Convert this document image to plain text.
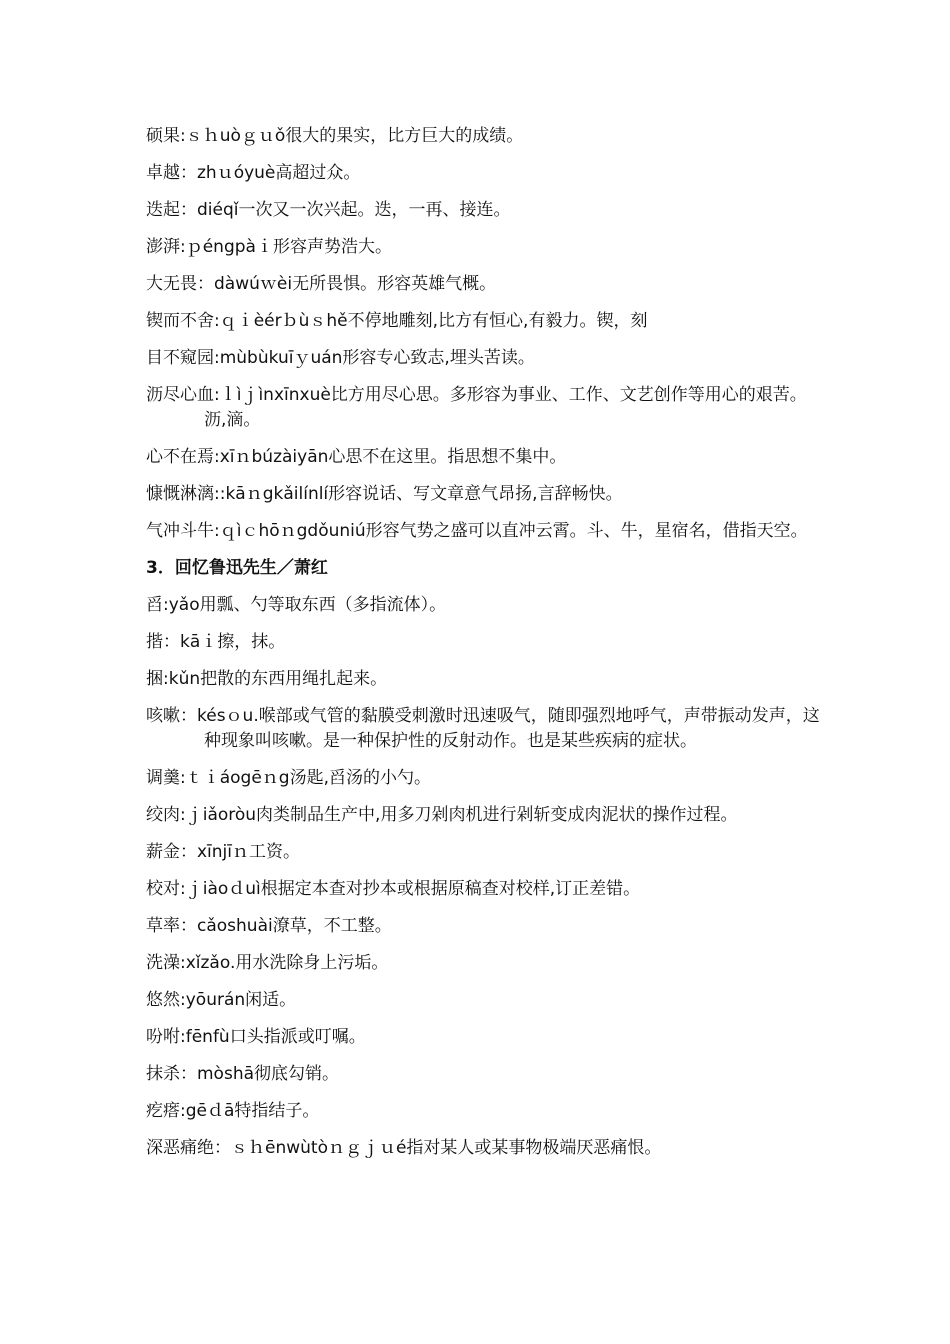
硕果:ｓｈuòｇｕǒ很大的果实，比方巨大的成绩。

卓越：zhｕóyuè高超过众。

迭起：diéqǐ一次又一次兴起。迭，一再、接连。

澎湃:ｐéngpàｉ形容声势浩大。

大无畏：dàwúｗèi无所畏惧。形容英雄气概。

锲而不舍:ｑｉèérｂùｓhě不停地雕刻,比方有恒心,有毅力。锲，刻

目不窥园:mùbùkuīｙuán形容专心致志,埋头苦读。

沥尽心血:ｌìｊìnxīnxuè比方用尽心思。多形容为事业、工作、文艺创作等用心的艰苦。沥,滴。

心不在焉:xīｎbúzàiyān心思不在这里。指思想不集中。

慷慨淋漓::kāｎgkǎilínlí形容说话、写文章意气昂扬,言辞畅快。

气冲斗牛:ｑìｃhōｎgdǒuniú形容气势之盛可以直冲云霄。斗、牛，星宿名，借指天空。

3．回忆鲁迅先生／萧红

舀:yǎo用瓢、勺等取东西（多指流体）。

揩：kāｉ擦，抹。

捆:kǔn把散的东西用绳扎起来。

咳嗽：késｏu.喉部或气管的黏膜受刺激时迅速吸气，随即强烈地呼气，声带振动发声，这种现象叫咳嗽。是一种保护性的反射动作。也是某些疾病的症状。

调羹:ｔｉáogēｎg汤匙,舀汤的小勺。

绞肉:ｊiǎoròu肉类制品生产中,用多刀剁肉机进行剁斩变成肉泥状的操作过程。

薪金：xīnjīｎ工资。

校对:ｊiàoｄuì根据定本查对抄本或根据原稿查对校样,订正差错。

草率：cǎoshuài潦草，不工整。

洗澡:xǐzǎo.用水洗除身上污垢。

悠然:yōurán闲适。

吩咐:fēnfù口头指派或叮嘱。

抹杀：mòshā彻底勾销。

疙瘩:gēｄā特指结子。

深恶痛绝：ｓｈēnwùtòｎｇｊｕé指对某人或某事物极端厌恶痛恨。
